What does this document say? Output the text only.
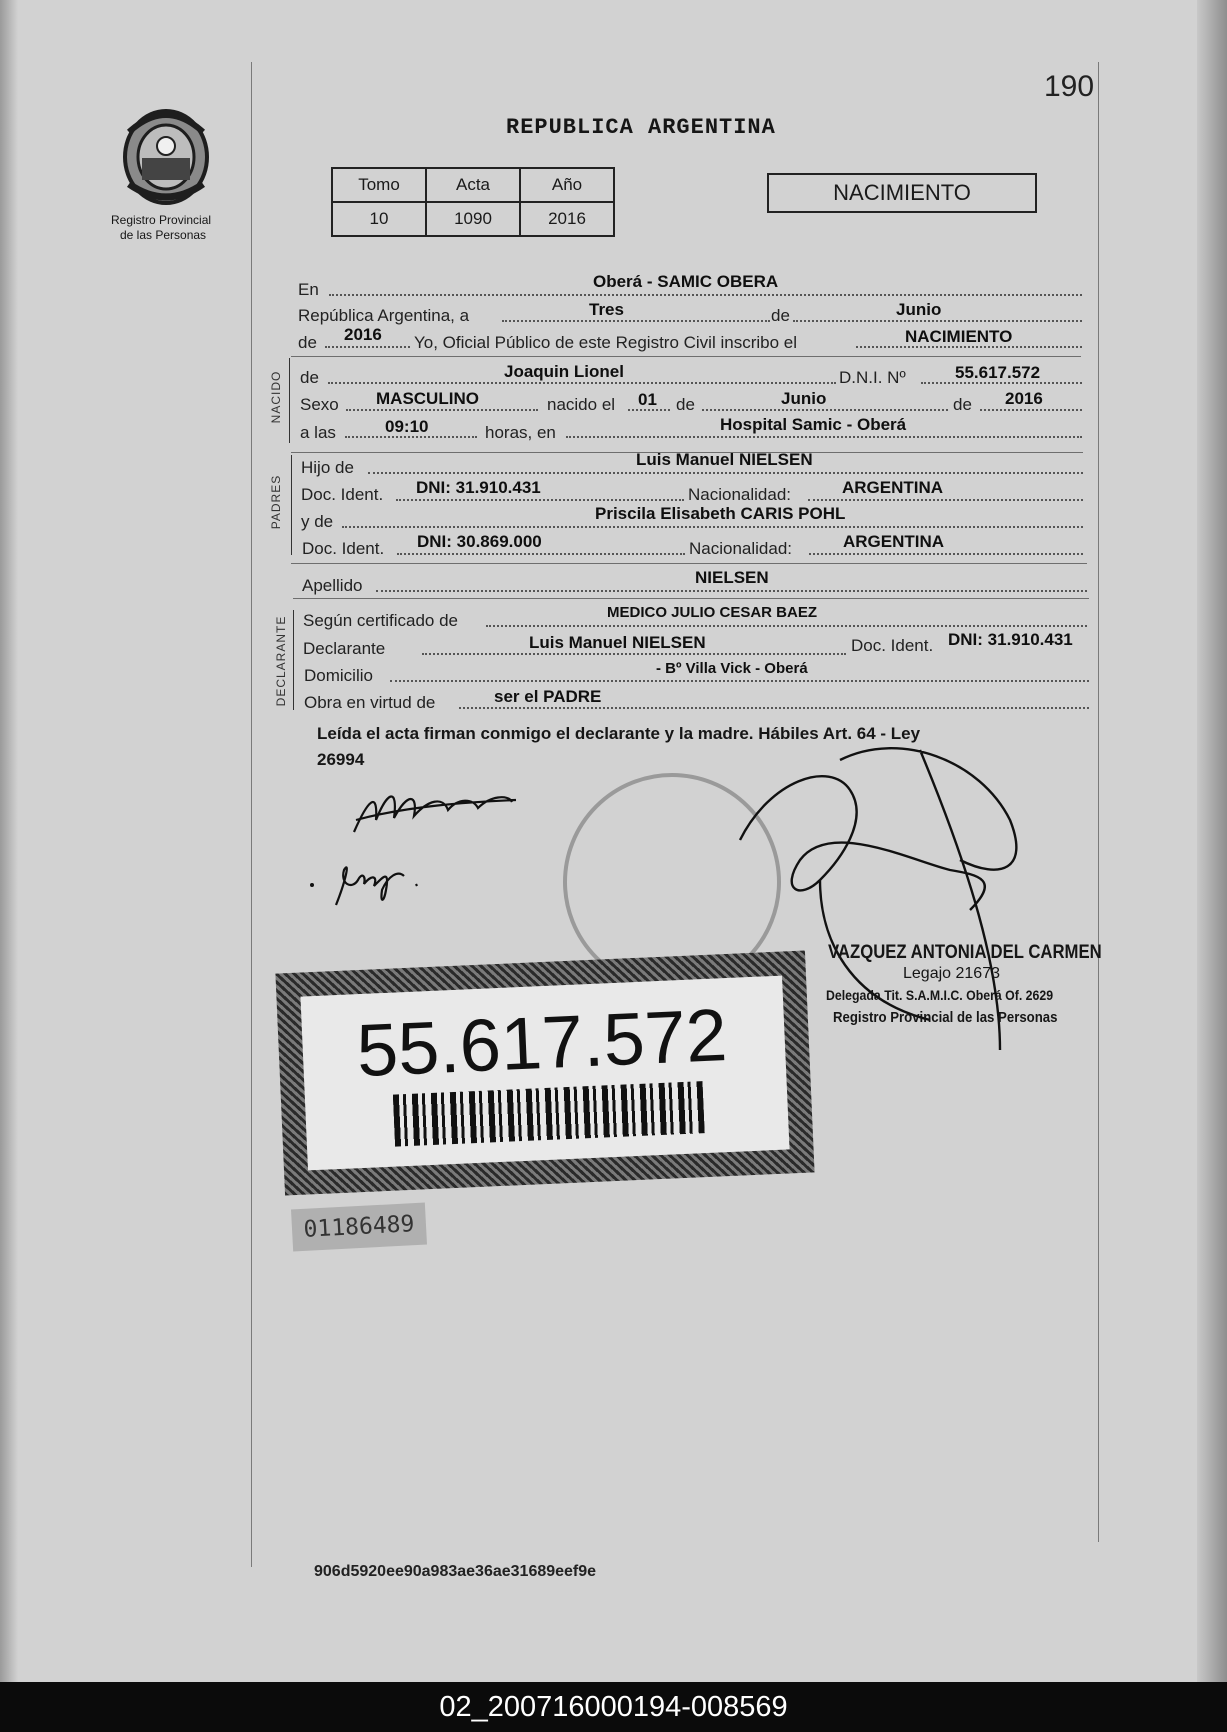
190
REPUBLICA ARGENTINA
Registro Provincial
de las Personas
Tomo	Acta	Año
10	1090	2016
NACIMIENTO
NACIDO
PADRES
DECLARANTE
En	Oberá - SAMIC OBERA
República Argentina, a	Tres	de	Junio
de 2016 Yo, Oficial Público de este Registro Civil inscribo el	NACIMIENTO
de	Joaquin Lionel	D.N.I. Nº	55.617.572
Sexo MASCULINO	nacido el 01 de	Junio	de 2016
a las	09:10	horas, en	Hospital Samic - Oberá
Hijo de	Luis Manuel NIELSEN
Doc. Ident. DNI: 31.910.431	Nacionalidad:	ARGENTINA
y de	Priscila Elisabeth CARIS POHL
Doc. Ident. DNI: 30.869.000	Nacionalidad:	ARGENTINA
Apellido	NIELSEN
Según certificado de	MEDICO JULIO CESAR BAEZ
Declarante	Luis Manuel NIELSEN	Doc. Ident. DNI: 31.910.431
Domicilio	- Bº Villa Vick - Oberá
Obra en virtud de	ser el PADRE
Leída el acta firman conmigo el declarante y la madre. Hábiles Art. 64 - Ley
26994
VAZQUEZ ANTONIA DEL CARMEN
Legajo 21673
Delegada Tit. S.A.M.I.C. Oberá Of. 2629
Registro Provincial de las Personas
55.617.572
01186489
906d5920ee90a983ae36ae31689eef9e
02_200716000194-008569
